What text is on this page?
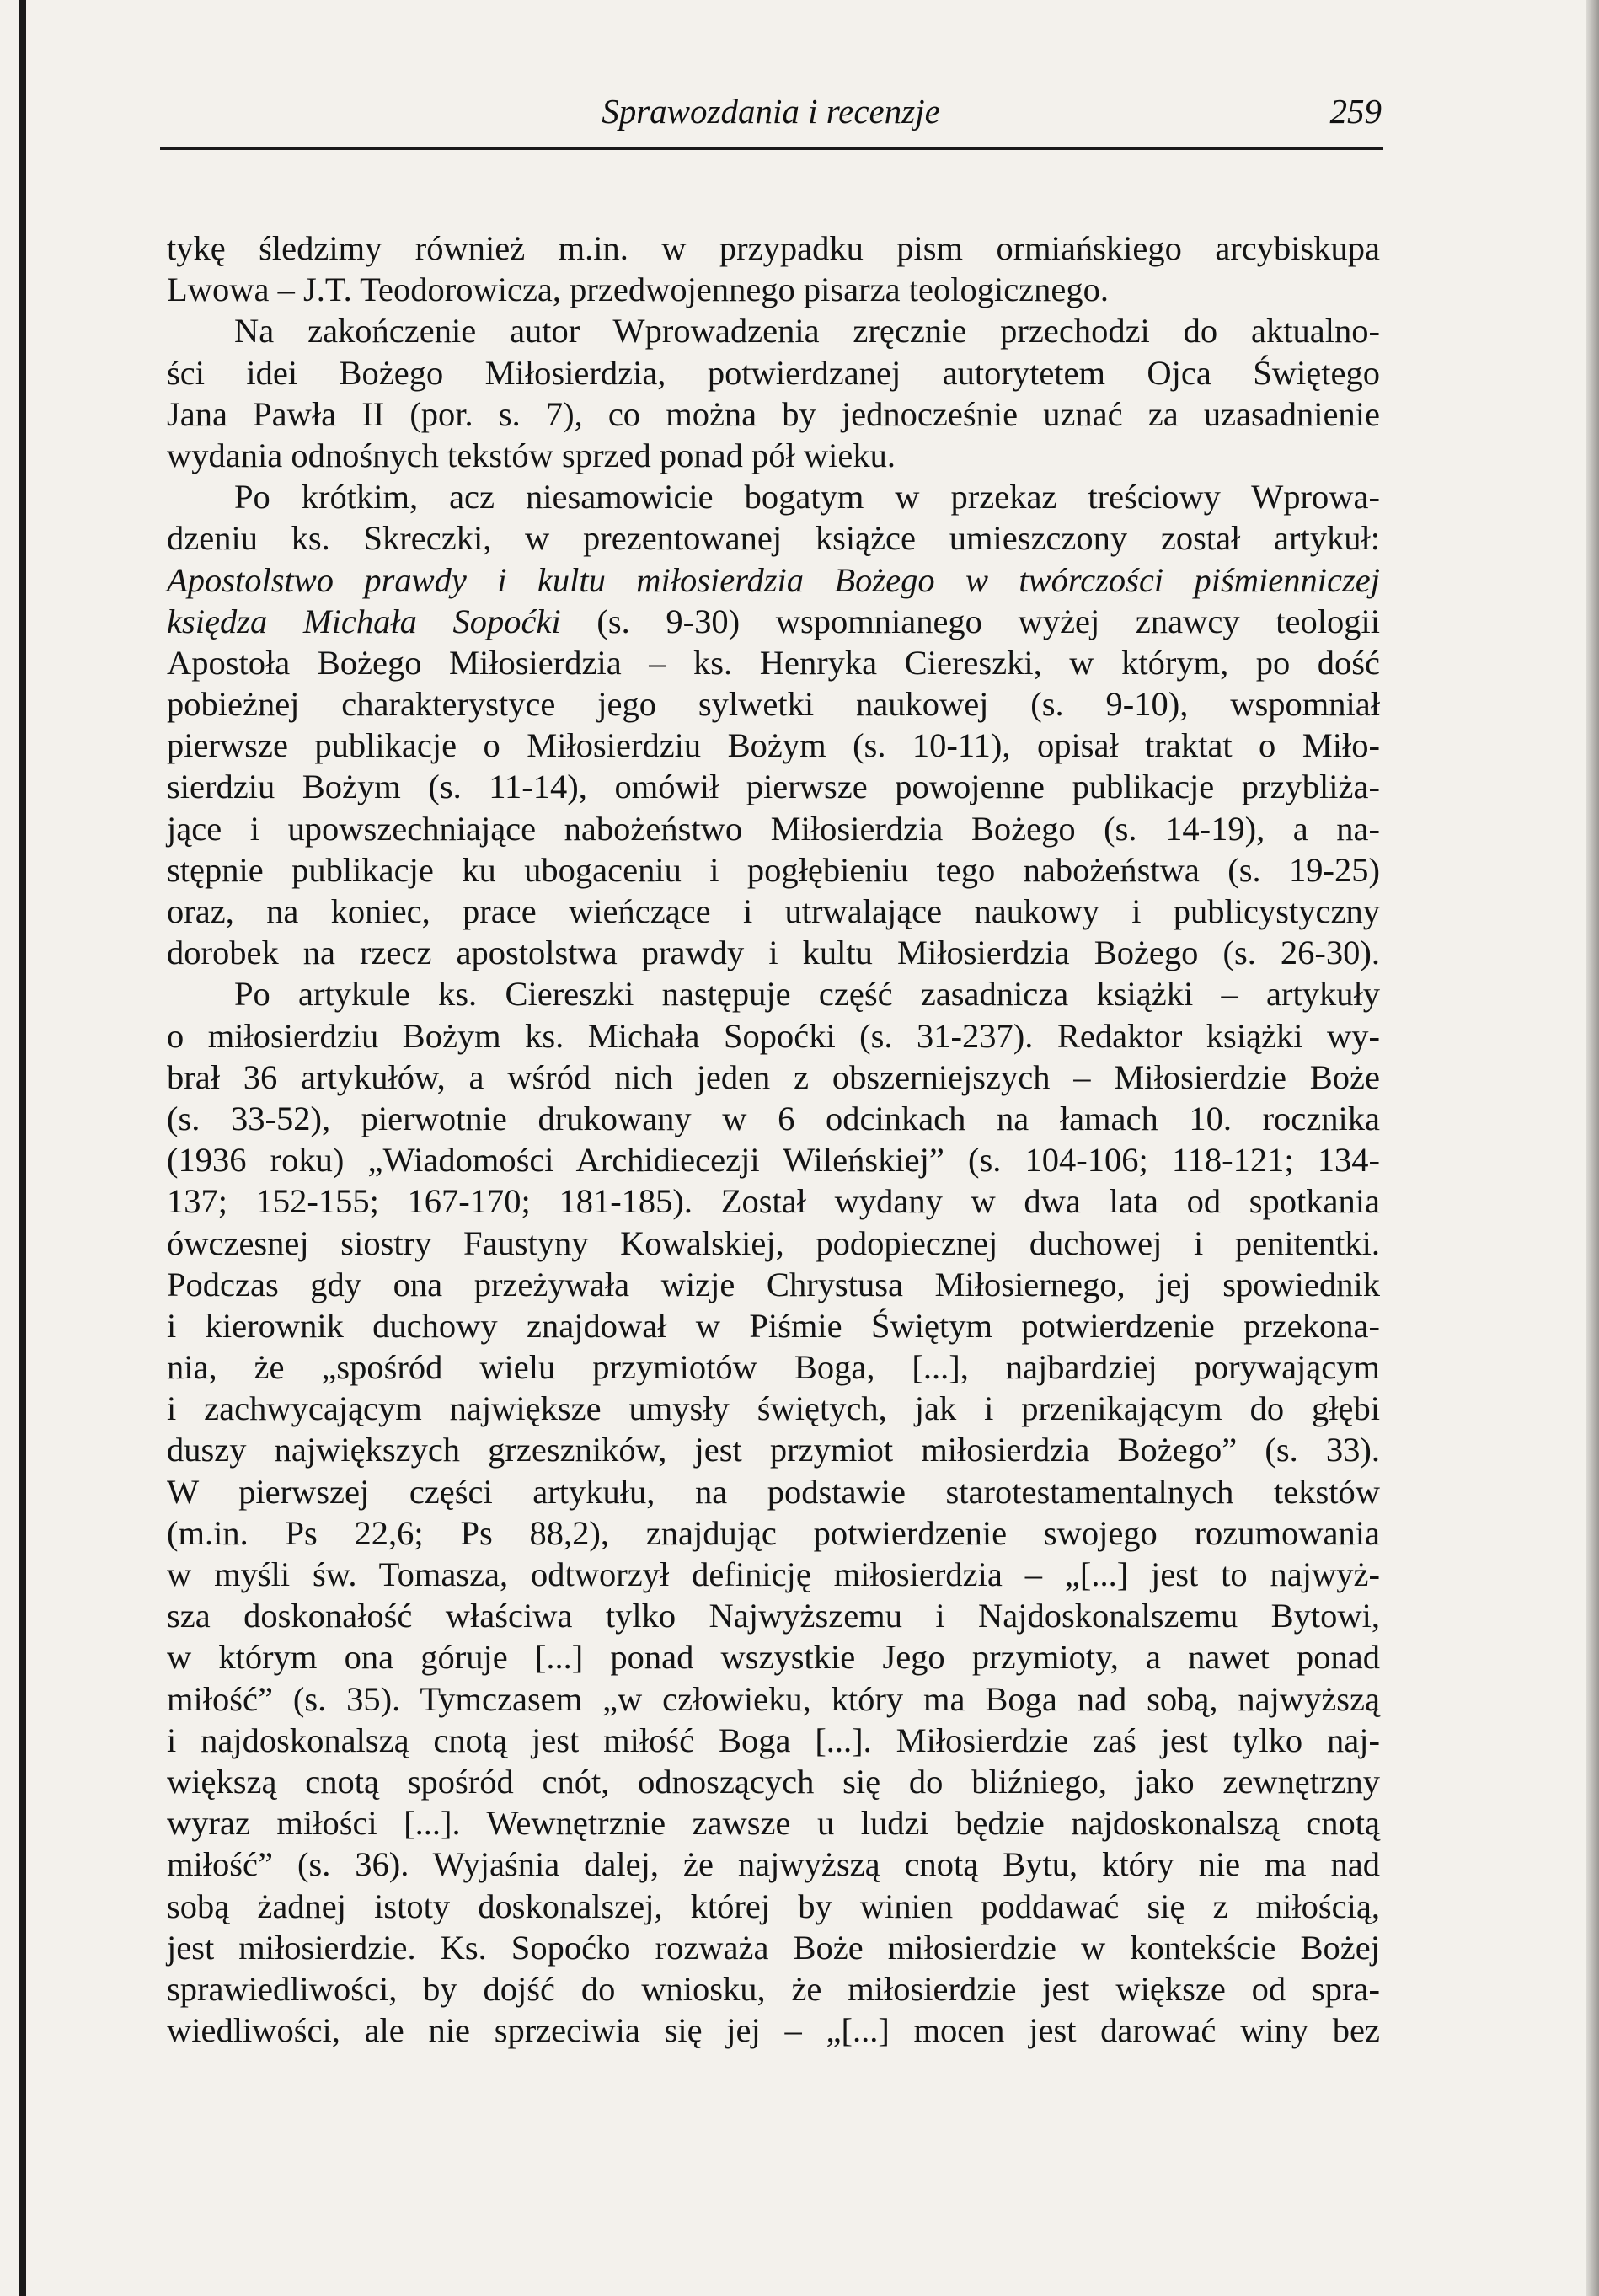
Sprawozdania i recenzje	259
tykę śledzimy również m.in. w przypadku pism ormiańskiego arcybiskupa
Lwowa – J.T. Teodorowicza, przedwojennego pisarza teologicznego.
Na zakończenie autor Wprowadzenia zręcznie przechodzi do aktualno-
ści idei Bożego Miłosierdzia, potwierdzanej autorytetem Ojca Świętego
Jana Pawła II (por. s. 7), co można by jednocześnie uznać za uzasadnienie
wydania odnośnych tekstów sprzed ponad pół wieku.
Po krótkim, acz niesamowicie bogatym w przekaz treściowy Wprowa-
dzeniu ks. Skreczki, w prezentowanej książce umieszczony został artykuł:
Apostolstwo prawdy i kultu miłosierdzia Bożego w twórczości piśmienniczej
księdza Michała Sopoćki (s. 9-30) wspomnianego wyżej znawcy teologii
Apostoła Bożego Miłosierdzia – ks. Henryka Ciereszki, w którym, po dość
pobieżnej charakterystyce jego sylwetki naukowej (s. 9-10), wspomniał
pierwsze publikacje o Miłosierdziu Bożym (s. 10-11), opisał traktat o Miło-
sierdziu Bożym (s. 11-14), omówił pierwsze powojenne publikacje przybliża-
jące i upowszechniające nabożeństwo Miłosierdzia Bożego (s. 14-19), a na-
stępnie publikacje ku ubogaceniu i pogłębieniu tego nabożeństwa (s. 19-25)
oraz, na koniec, prace wieńczące i utrwalające naukowy i publicystyczny
dorobek na rzecz apostolstwa prawdy i kultu Miłosierdzia Bożego (s. 26-30).
Po artykule ks. Ciereszki następuje część zasadnicza książki – artykuły
o miłosierdziu Bożym ks. Michała Sopoćki (s. 31-237). Redaktor książki wy-
brał 36 artykułów, a wśród nich jeden z obszerniejszych – Miłosierdzie Boże
(s. 33-52), pierwotnie drukowany w 6 odcinkach na łamach 10. rocznika
(1936 roku) „Wiadomości Archidiecezji Wileńskiej” (s. 104-106; 118-121; 134-
137; 152-155; 167-170; 181-185). Został wydany w dwa lata od spotkania
ówczesnej siostry Faustyny Kowalskiej, podopiecznej duchowej i penitentki.
Podczas gdy ona przeżywała wizje Chrystusa Miłosiernego, jej spowiednik
i kierownik duchowy znajdował w Piśmie Świętym potwierdzenie przekona-
nia, że „spośród wielu przymiotów Boga, [...], najbardziej porywającym
i zachwycającym największe umysły świętych, jak i przenikającym do głębi
duszy największych grzeszników, jest przymiot miłosierdzia Bożego” (s. 33).
W pierwszej części artykułu, na podstawie starotestamentalnych tekstów
(m.in. Ps 22,6; Ps 88,2), znajdując potwierdzenie swojego rozumowania
w myśli św. Tomasza, odtworzył definicję miłosierdzia – „[...] jest to najwyż-
sza doskonałość właściwa tylko Najwyższemu i Najdoskonalszemu Bytowi,
w którym ona góruje [...] ponad wszystkie Jego przymioty, a nawet ponad
miłość” (s. 35). Tymczasem „w człowieku, który ma Boga nad sobą, najwyższą
i najdoskonalszą cnotą jest miłość Boga [...]. Miłosierdzie zaś jest tylko naj-
większą cnotą spośród cnót, odnoszących się do bliźniego, jako zewnętrzny
wyraz miłości [...]. Wewnętrznie zawsze u ludzi będzie najdoskonalszą cnotą
miłość” (s. 36). Wyjaśnia dalej, że najwyższą cnotą Bytu, który nie ma nad
sobą żadnej istoty doskonalszej, której by winien poddawać się z miłością,
jest miłosierdzie. Ks. Sopoćko rozważa Boże miłosierdzie w kontekście Bożej
sprawiedliwości, by dojść do wniosku, że miłosierdzie jest większe od spra-
wiedliwości, ale nie sprzeciwia się jej – „[...] mocen jest darować winy bez
